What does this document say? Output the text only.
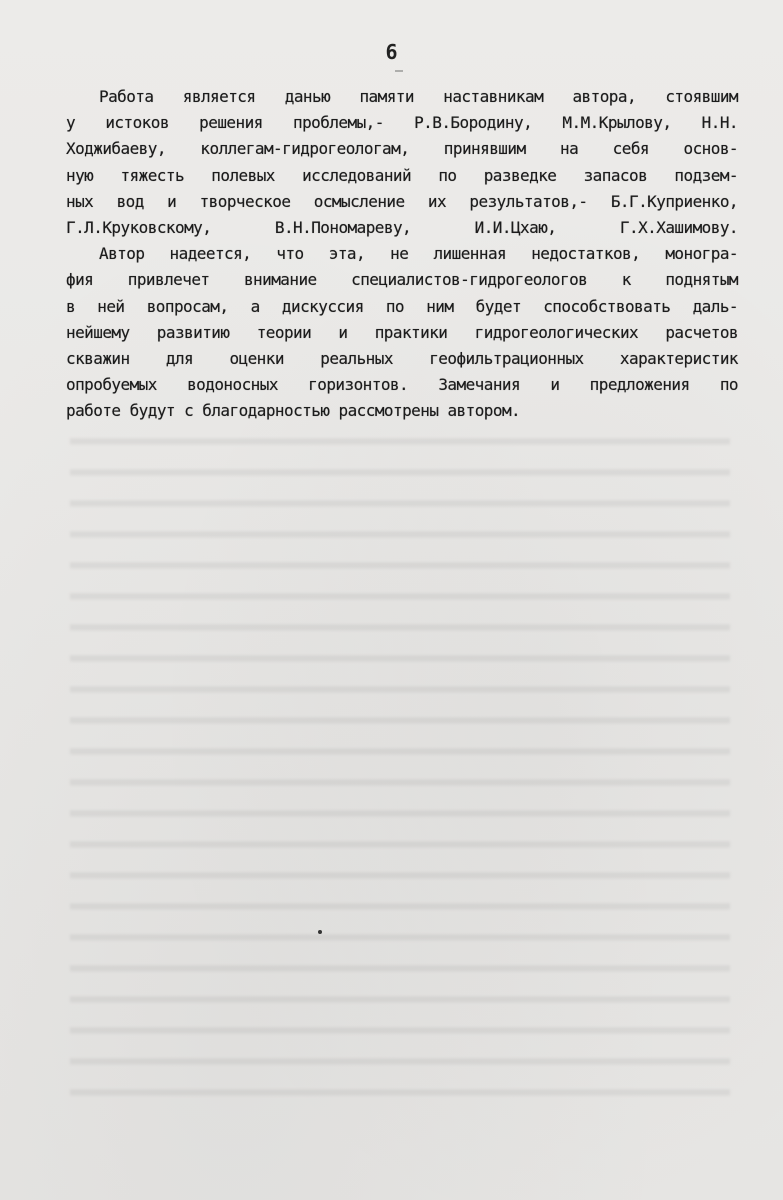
6
Работа является данью памяти наставникам автора, стоявшим
у истоков решения проблемы,- Р.В.Бородину, М.М.Крылову, Н.Н.
Ходжибаеву, коллегам-гидрогеологам, принявшим на себя основ-
ную тяжесть полевых исследований по разведке запасов подзем-
ных вод и творческое осмысление их результатов,- Б.Г.Куприенко,
Г.Л.Круковскому, В.Н.Пономареву, И.И.Цхаю, Г.Х.Хашимову.
Автор надеется, что эта, не лишенная недостатков, моногра-
фия привлечет внимание специалистов-гидрогеологов к поднятым
в ней вопросам, а дискуссия по ним будет способствовать даль-
нейшему развитию теории и практики гидрогеологических расчетов
скважин для оценки реальных геофильтрационных характеристик
опробуемых водоносных горизонтов. Замечания и предложения по
работе будут с благодарностью рассмотрены автором.
